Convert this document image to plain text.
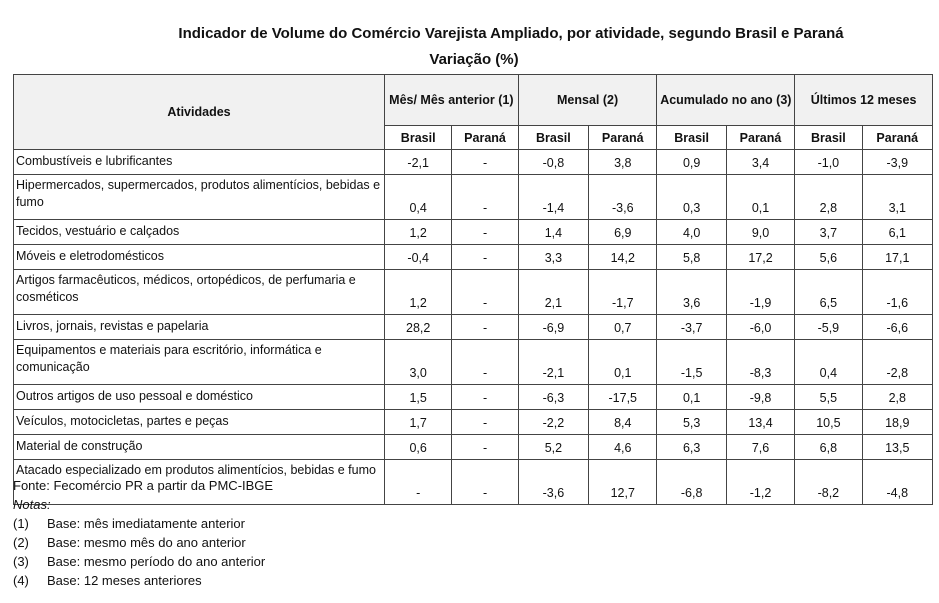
Indicador de Volume do Comércio Varejista Ampliado, por atividade, segundo Brasil e Paraná
Variação (%)
Atividades	Mês/ Mês anterior (1)		Mensal (2)		Acumulado no ano (3)		Últimos 12 meses	
	Brasil	Paraná	Brasil	Paraná	Brasil	Paraná	Brasil	Paraná
Combustíveis e lubrificantes	-2,1	-	-0,8	3,8	0,9	3,4	-1,0	-3,9
Hipermercados, supermercados, produtos alimentícios, bebidas e fumo	0,4	-	-1,4	-3,6	0,3	0,1	2,8	3,1
Tecidos, vestuário e calçados	1,2	-	1,4	6,9	4,0	9,0	3,7	6,1
Móveis e eletrodomésticos	-0,4	-	3,3	14,2	5,8	17,2	5,6	17,1
Artigos farmacêuticos, médicos, ortopédicos, de perfumaria e cosméticos	1,2	-	2,1	-1,7	3,6	-1,9	6,5	-1,6
Livros, jornais, revistas e papelaria	28,2	-	-6,9	0,7	-3,7	-6,0	-5,9	-6,6
Equipamentos e materiais para escritório, informática e comunicação	3,0	-	-2,1	0,1	-1,5	-8,3	0,4	-2,8
Outros artigos de uso pessoal e doméstico	1,5	-	-6,3	-17,5	0,1	-9,8	5,5	2,8
Veículos, motocicletas, partes e peças	1,7	-	-2,2	8,4	5,3	13,4	10,5	18,9
Material de construção	0,6	-	5,2	4,6	6,3	7,6	6,8	13,5
Atacado especializado em produtos alimentícios, bebidas e fumo	-	-	-3,6	12,7	-6,8	-1,2	-8,2	-4,8
Fonte: Fecomércio PR a partir da PMC-IBGE
Notas:
(1)	Base: mês imediatamente anterior
(2)	Base: mesmo mês do ano anterior
(3)	Base: mesmo período do ano anterior
(4)	Base: 12 meses anteriores
